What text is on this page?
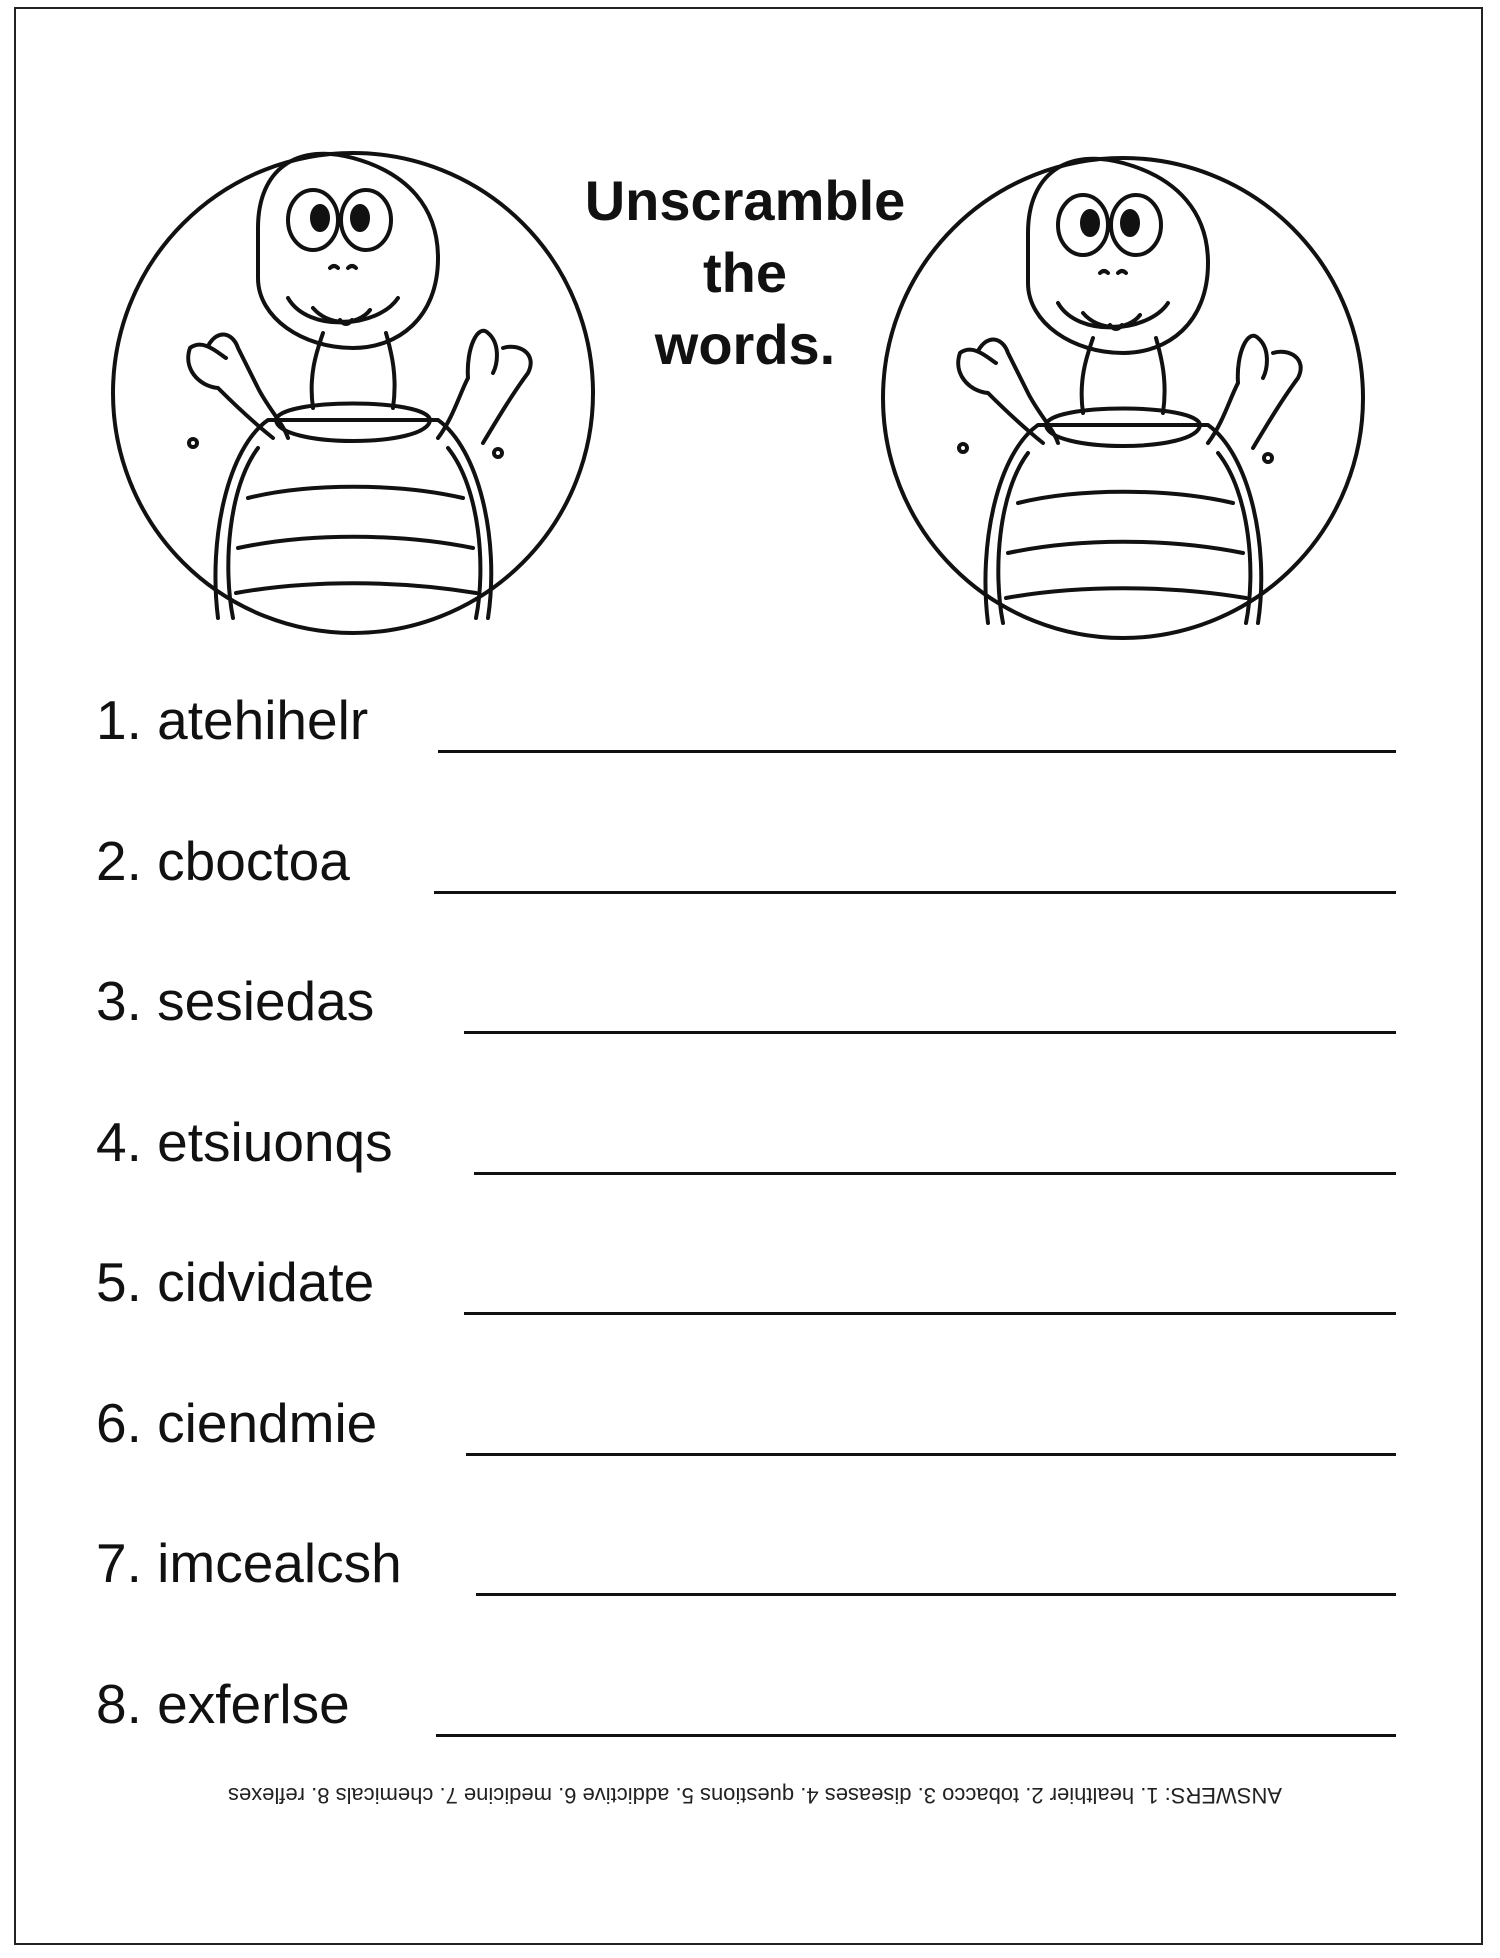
Unscramble
the
words.
1. atehihelr
2. cboctoa
3. sesiedas
4. etsiuonqs
5. cidvidate
6. ciendmie
7. imcealcsh
8. exferlse
ANSWERS: 1. healthier 2. tobacco 3. diseases 4. questions 5. addictive 6. medicine 7. chemicals 8. reflexes
